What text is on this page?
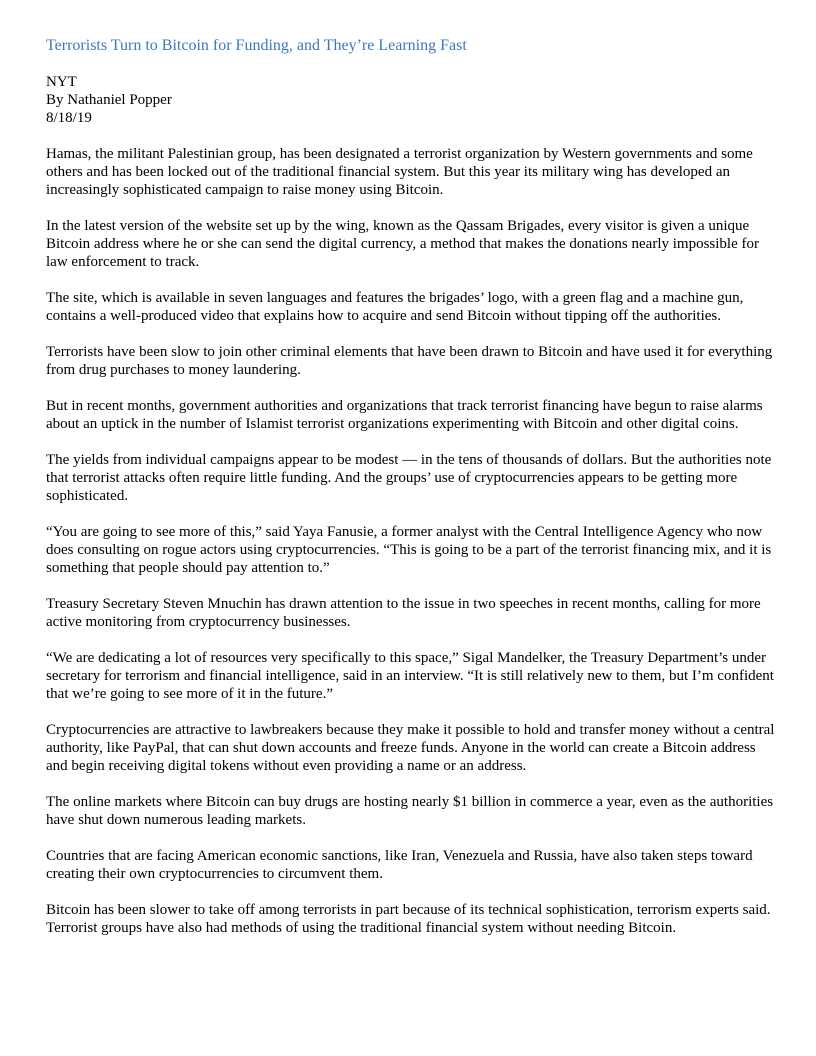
Terrorists Turn to Bitcoin for Funding, and They’re Learning Fast
NYT
By Nathaniel Popper
8/18/19

Hamas, the militant Palestinian group, has been designated a terrorist organization by Western governments and some others and has been locked out of the traditional financial system. But this year its military wing has developed an increasingly sophisticated campaign to raise money using Bitcoin.

In the latest version of the website set up by the wing, known as the Qassam Brigades, every visitor is given a unique Bitcoin address where he or she can send the digital currency, a method that makes the donations nearly impossible for law enforcement to track.

The site, which is available in seven languages and features the brigades’ logo, with a green flag and a machine gun, contains a well-produced video that explains how to acquire and send Bitcoin without tipping off the authorities.

Terrorists have been slow to join other criminal elements that have been drawn to Bitcoin and have used it for everything from drug purchases to money laundering.

But in recent months, government authorities and organizations that track terrorist financing have begun to raise alarms about an uptick in the number of Islamist terrorist organizations experimenting with Bitcoin and other digital coins.

The yields from individual campaigns appear to be modest — in the tens of thousands of dollars. But the authorities note that terrorist attacks often require little funding. And the groups’ use of cryptocurrencies appears to be getting more sophisticated.

“You are going to see more of this,” said Yaya Fanusie, a former analyst with the Central Intelligence Agency who now does consulting on rogue actors using cryptocurrencies. “This is going to be a part of the terrorist financing mix, and it is something that people should pay attention to.”

Treasury Secretary Steven Mnuchin has drawn attention to the issue in two speeches in recent months, calling for more active monitoring from cryptocurrency businesses.

“We are dedicating a lot of resources very specifically to this space,” Sigal Mandelker, the Treasury Department’s under secretary for terrorism and financial intelligence, said in an interview. “It is still relatively new to them, but I’m confident that we’re going to see more of it in the future.”

Cryptocurrencies are attractive to lawbreakers because they make it possible to hold and transfer money without a central authority, like PayPal, that can shut down accounts and freeze funds. Anyone in the world can create a Bitcoin address and begin receiving digital tokens without even providing a name or an address.

The online markets where Bitcoin can buy drugs are hosting nearly $1 billion in commerce a year, even as the authorities have shut down numerous leading markets.

Countries that are facing American economic sanctions, like Iran, Venezuela and Russia, have also taken steps toward creating their own cryptocurrencies to circumvent them.

Bitcoin has been slower to take off among terrorists in part because of its technical sophistication, terrorism experts said. Terrorist groups have also had methods of using the traditional financial system without needing Bitcoin.
